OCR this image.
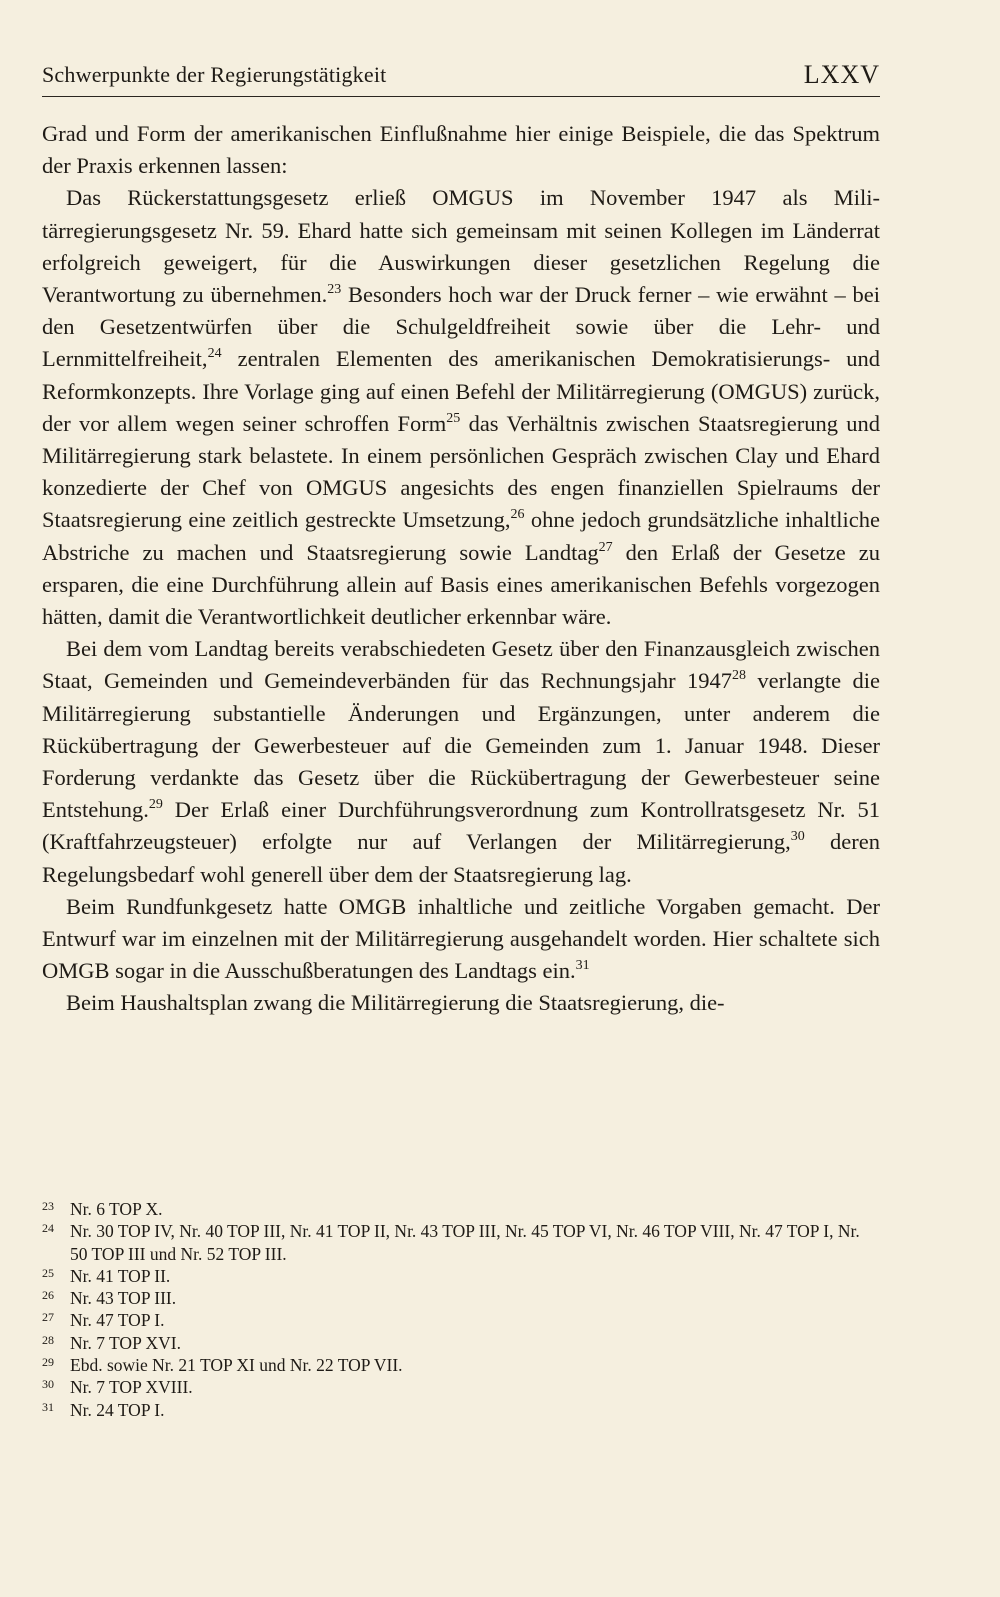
Schwerpunkte der Regierungstätigkeit	LXXV

Grad und Form der amerikanischen Einflußnahme hier einige Beispiele, die das Spektrum der Praxis erkennen lassen:

Das Rückerstattungsgesetz erließ OMGUS im November 1947 als Militärregierungsgesetz Nr. 59. Ehard hatte sich gemeinsam mit seinen Kollegen im Länderrat erfolgreich geweigert, für die Auswirkungen dieser gesetzlichen Regelung die Verantwortung zu übernehmen.$^{23}$ Besonders hoch war der Druck ferner – wie erwähnt – bei den Gesetzentwürfen über die Schulgeldfreiheit sowie über die Lehr- und Lernmittelfreiheit,$^{24}$ zentralen Elementen des amerikanischen Demokratisierungs- und Reformkonzepts. Ihre Vorlage ging auf einen Befehl der Militärregierung (OMGUS) zurück, der vor allem wegen seiner schroffen Form$^{25}$ das Verhältnis zwischen Staatsregierung und Militärregierung stark belastete. In einem persönlichen Gespräch zwischen Clay und Ehard konzedierte der Chef von OMGUS angesichts des engen finanziellen Spielraums der Staatsregierung eine zeitlich gestreckte Umsetzung,$^{26}$ ohne jedoch grundsätzliche inhaltliche Abstriche zu machen und Staatsregierung sowie Landtag$^{27}$ den Erlaß der Gesetze zu ersparen, die eine Durchführung allein auf Basis eines amerikanischen Befehls vorgezogen hätten, damit die Verantwortlichkeit deutlicher erkennbar wäre.

Bei dem vom Landtag bereits verabschiedeten Gesetz über den Finanzausgleich zwischen Staat, Gemeinden und Gemeindeverbänden für das Rechnungsjahr 1947$^{28}$ verlangte die Militärregierung substantielle Änderungen und Ergänzungen, unter anderem die Rückübertragung der Gewerbesteuer auf die Gemeinden zum 1. Januar 1948. Dieser Forderung verdankte das Gesetz über die Rückübertragung der Gewerbesteuer seine Entstehung.$^{29}$ Der Erlaß einer Durchführungsverordnung zum Kontrollratsgesetz Nr. 51 (Kraftfahrzeugsteuer) erfolgte nur auf Verlangen der Militärregierung,$^{30}$ deren Regelungsbedarf wohl generell über dem der Staatsregierung lag.

Beim Rundfunkgesetz hatte OMGB inhaltliche und zeitliche Vorgaben gemacht. Der Entwurf war im einzelnen mit der Militärregierung ausgehandelt worden. Hier schaltete sich OMGB sogar in die Ausschußberatungen des Landtags ein.$^{31}$

Beim Haushaltsplan zwang die Militärregierung die Staatsregierung, die-

23 Nr. 6 TOP X.
24 Nr. 30 TOP IV, Nr. 40 TOP III, Nr. 41 TOP II, Nr. 43 TOP III, Nr. 45 TOP VI, Nr. 46 TOP VIII, Nr. 47 TOP I, Nr. 50 TOP III und Nr. 52 TOP III.
25 Nr. 41 TOP II.
26 Nr. 43 TOP III.
27 Nr. 47 TOP I.
28 Nr. 7 TOP XVI.
29 Ebd. sowie Nr. 21 TOP XI und Nr. 22 TOP VII.
30 Nr. 7 TOP XVIII.
31 Nr. 24 TOP I.
